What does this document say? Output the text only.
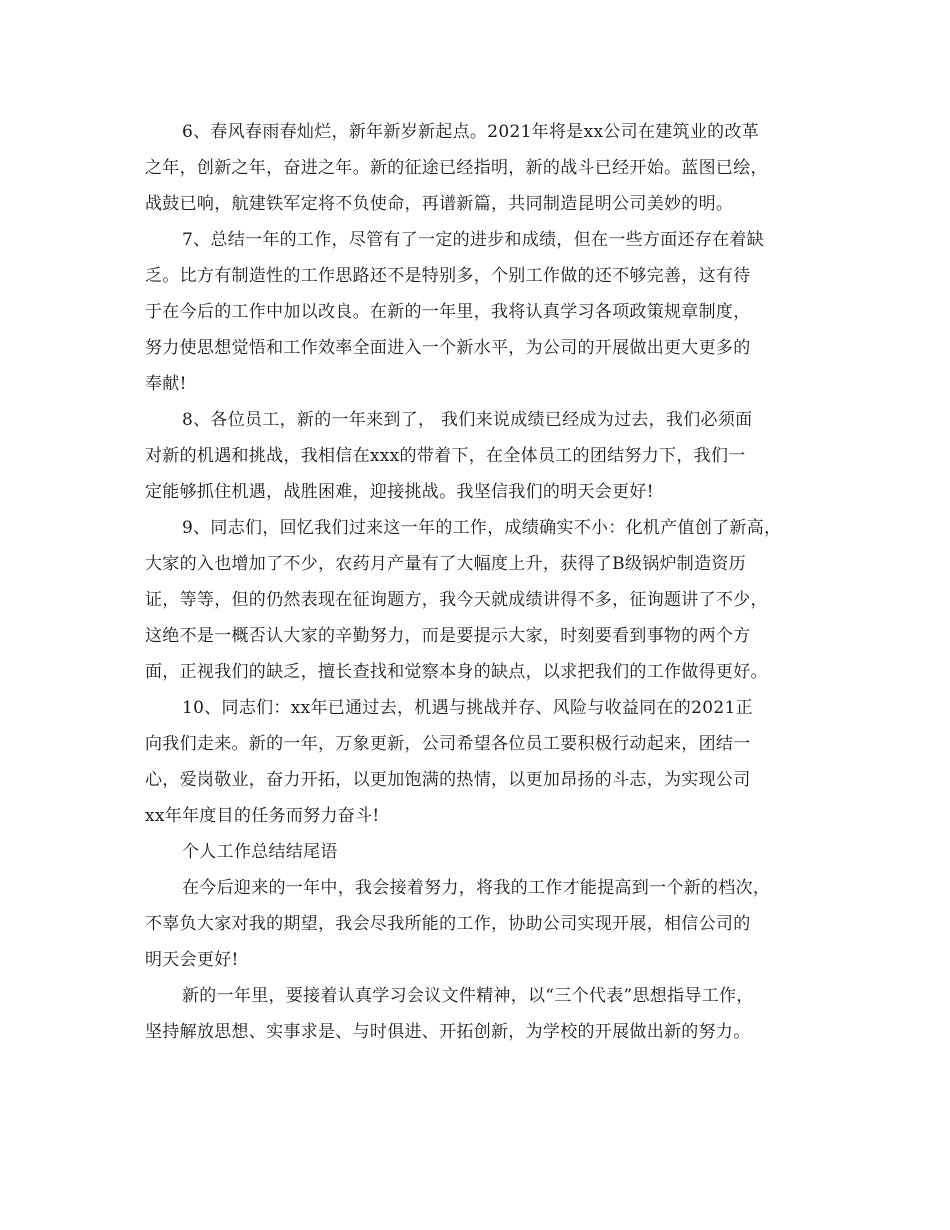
6、春风春雨春灿烂，新年新岁新起点。2021年将是xx公司在建筑业的改革
之年，创新之年，奋进之年。新的征途已经指明，新的战斗已经开始。蓝图已绘，
战鼓已响，航建铁军定将不负使命，再谱新篇，共同制造昆明公司美妙的明。
7、总结一年的工作，尽管有了一定的进步和成绩，但在一些方面还存在着缺
乏。比方有制造性的工作思路还不是特别多，个别工作做的还不够完善，这有待
于在今后的工作中加以改良。在新的一年里，我将认真学习各项政策规章制度，
努力使思想觉悟和工作效率全面进入一个新水平，为公司的开展做出更大更多的
奉献!
8、各位员工，新的一年来到了， 我们来说成绩已经成为过去，我们必须面
对新的机遇和挑战，我相信在xxx的带着下，在全体员工的团结努力下，我们一
定能够抓住机遇，战胜困难，迎接挑战。我坚信我们的明天会更好!
9、同志们，回忆我们过来这一年的工作，成绩确实不小：化机产值创了新高，
大家的入也增加了不少，农药月产量有了大幅度上升，获得了B级锅炉制造资历
证，等等，但的仍然表现在征询题方，我今天就成绩讲得不多，征询题讲了不少，
这绝不是一概否认大家的辛勤努力，而是要提示大家，时刻要看到事物的两个方
面，正视我们的缺乏，擅长查找和觉察本身的缺点，以求把我们的工作做得更好。
10、同志们：xx年已通过去，机遇与挑战并存、风险与收益同在的2021正
向我们走来。新的一年，万象更新，公司希望各位员工要积极行动起来，团结一
心，爱岗敬业，奋力开拓，以更加饱满的热情，以更加昂扬的斗志，为实现公司
xx年年度目的任务而努力奋斗!
个人工作总结结尾语
在今后迎来的一年中，我会接着努力，将我的工作才能提高到一个新的档次，
不辜负大家对我的期望，我会尽我所能的工作，协助公司实现开展，相信公司的
明天会更好!
新的一年里，要接着认真学习会议文件精神，以“三个代表”思想指导工作，
坚持解放思想、实事求是、与时俱进、开拓创新，为学校的开展做出新的努力。
